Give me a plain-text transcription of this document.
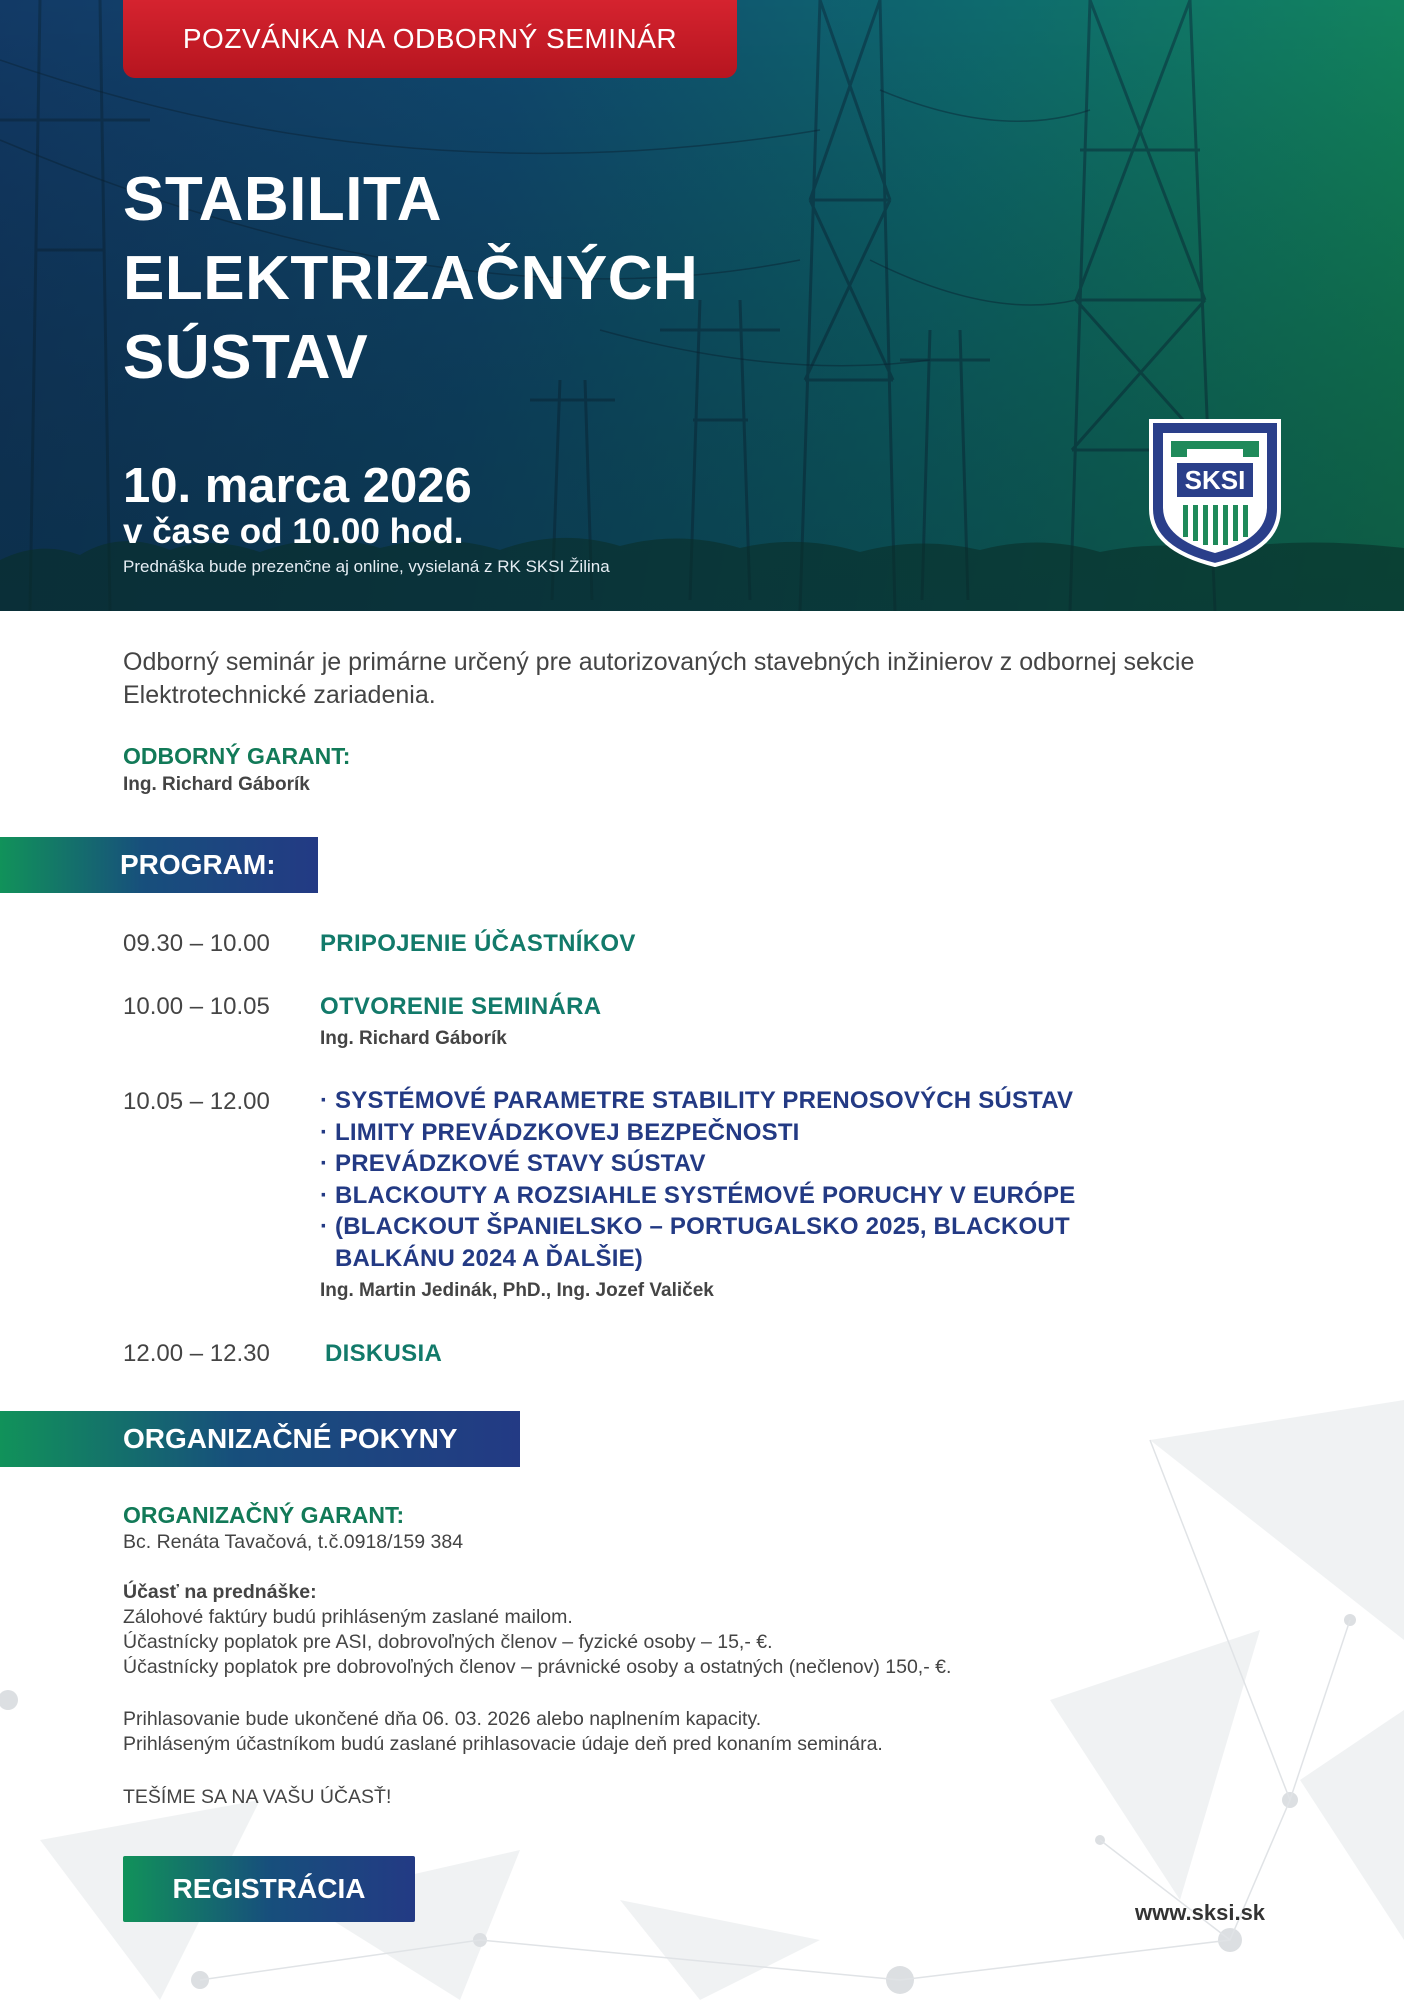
POZVÁNKA NA ODBORNÝ SEMINÁR
STABILITA
ELEKTRIZAČNÝCH
SÚSTAV
10. marca 2026
v čase od 10.00 hod.
Prednáška bude prezenčne aj online, vysielaná z RK SKSI Žilina
SKSI
Odborný seminár je primárne určený pre autorizovaných stavebných inžinierov z odbornej sekcie Elektrotechnické zariadenia.
ODBORNÝ GARANT:
Ing. Richard Gáborík
PROGRAM:
09.30 – 10.00 PRIPOJENIE ÚČASTNÍKOV
10.00 – 10.05 OTVORENIE SEMINÁRA
Ing. Richard Gáborík
10.05 – 12.00 · SYSTÉMOVÉ PARAMETRE STABILITY PRENOSOVÝCH SÚSTAV
· LIMITY PREVÁDZKOVEJ BEZPEČNOSTI
· PREVÁDZKOVÉ STAVY SÚSTAV
· BLACKOUTY A ROZSIAHLE SYSTÉMOVÉ PORUCHY V EURÓPE
· (BLACKOUT ŠPANIELSKO – PORTUGALSKO 2025, BLACKOUT
BALKÁNU 2024 A ĎALŠIE)
Ing. Martin Jedinák, PhD., Ing. Jozef Valiček
12.00 – 12.30 DISKUSIA
ORGANIZAČNÉ POKYNY
ORGANIZAČNÝ GARANT:
Bc. Renáta Tavačová, t.č.0918/159 384
Účasť na prednáške:
Zálohové faktúry budú prihláseným zaslané mailom.
Účastnícky poplatok pre ASI, dobrovoľných členov – fyzické osoby – 15,- €.
Účastnícky poplatok pre dobrovoľných členov – právnické osoby a ostatných (nečlenov) 150,- €.
Prihlasovanie bude ukončené dňa 06. 03. 2026 alebo naplnením kapacity.
Prihláseným účastníkom budú zaslané prihlasovacie údaje deň pred konaním seminára.
TEŠÍME SA NA VAŠU ÚČASŤ!
REGISTRÁCIA
www.sksi.sk
